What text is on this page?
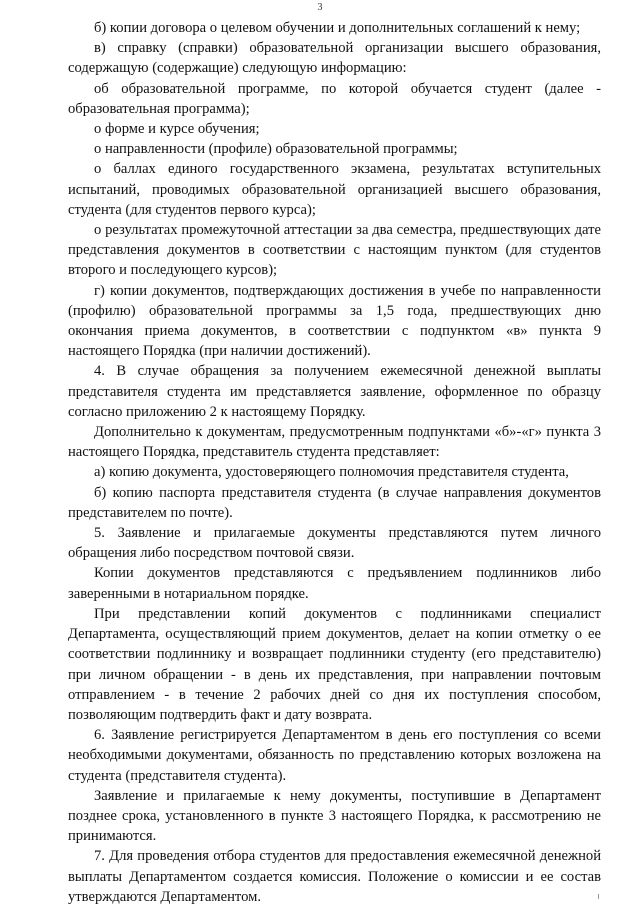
3

б) копии договора о целевом обучении и дополнительных соглашений к нему;

в) справку (справки) образовательной организации высшего образования, содержащую (содержащие) следующую информацию:

об образовательной программе, по которой обучается студент (далее - образовательная программа);

о форме и курсе обучения;

о направленности (профиле) образовательной программы;

о баллах единого государственного экзамена, результатах вступительных испытаний, проводимых образовательной организацией высшего образования, студента (для студентов первого курса);

о результатах промежуточной аттестации за два семестра, предшествующих дате представления документов в соответствии с настоящим пунктом (для студентов второго и последующего курсов);

г) копии документов, подтверждающих достижения в учебе по направленности (профилю) образовательной программы за 1,5 года, предшествующих дню окончания приема документов, в соответствии с подпунктом «в» пункта 9 настоящего Порядка (при наличии достижений).

4. В случае обращения за получением ежемесячной денежной выплаты представителя студента им представляется заявление, оформленное по образцу согласно приложению 2 к настоящему Порядку.

Дополнительно к документам, предусмотренным подпунктами «б»-«г» пункта 3 настоящего Порядка, представитель студента представляет:

а) копию документа, удостоверяющего полномочия представителя студента,

б) копию паспорта представителя студента (в случае направления документов представителем по почте).

5. Заявление и прилагаемые документы представляются путем личного обращения либо посредством почтовой связи.

Копии документов представляются с предъявлением подлинников либо заверенными в нотариальном порядке.

При представлении копий документов с подлинниками специалист Департамента, осуществляющий прием документов, делает на копии отметку о ее соответствии подлиннику и возвращает подлинники студенту (его представителю) при личном обращении - в день их представления, при направлении почтовым отправлением - в течение 2 рабочих дней со дня их поступления способом, позволяющим подтвердить факт и дату возврата.

6. Заявление регистрируется Департаментом в день его поступления со всеми необходимыми документами, обязанность по представлению которых возложена на студента (представителя студента).

Заявление и прилагаемые к нему документы, поступившие в Департамент позднее срока, установленного в пункте 3 настоящего Порядка, к рассмотрению не принимаются.

7. Для проведения отбора студентов для предоставления ежемесячной денежной выплаты Департаментом создается комиссия. Положение о комиссии и ее состав утверждаются Департаментом.
